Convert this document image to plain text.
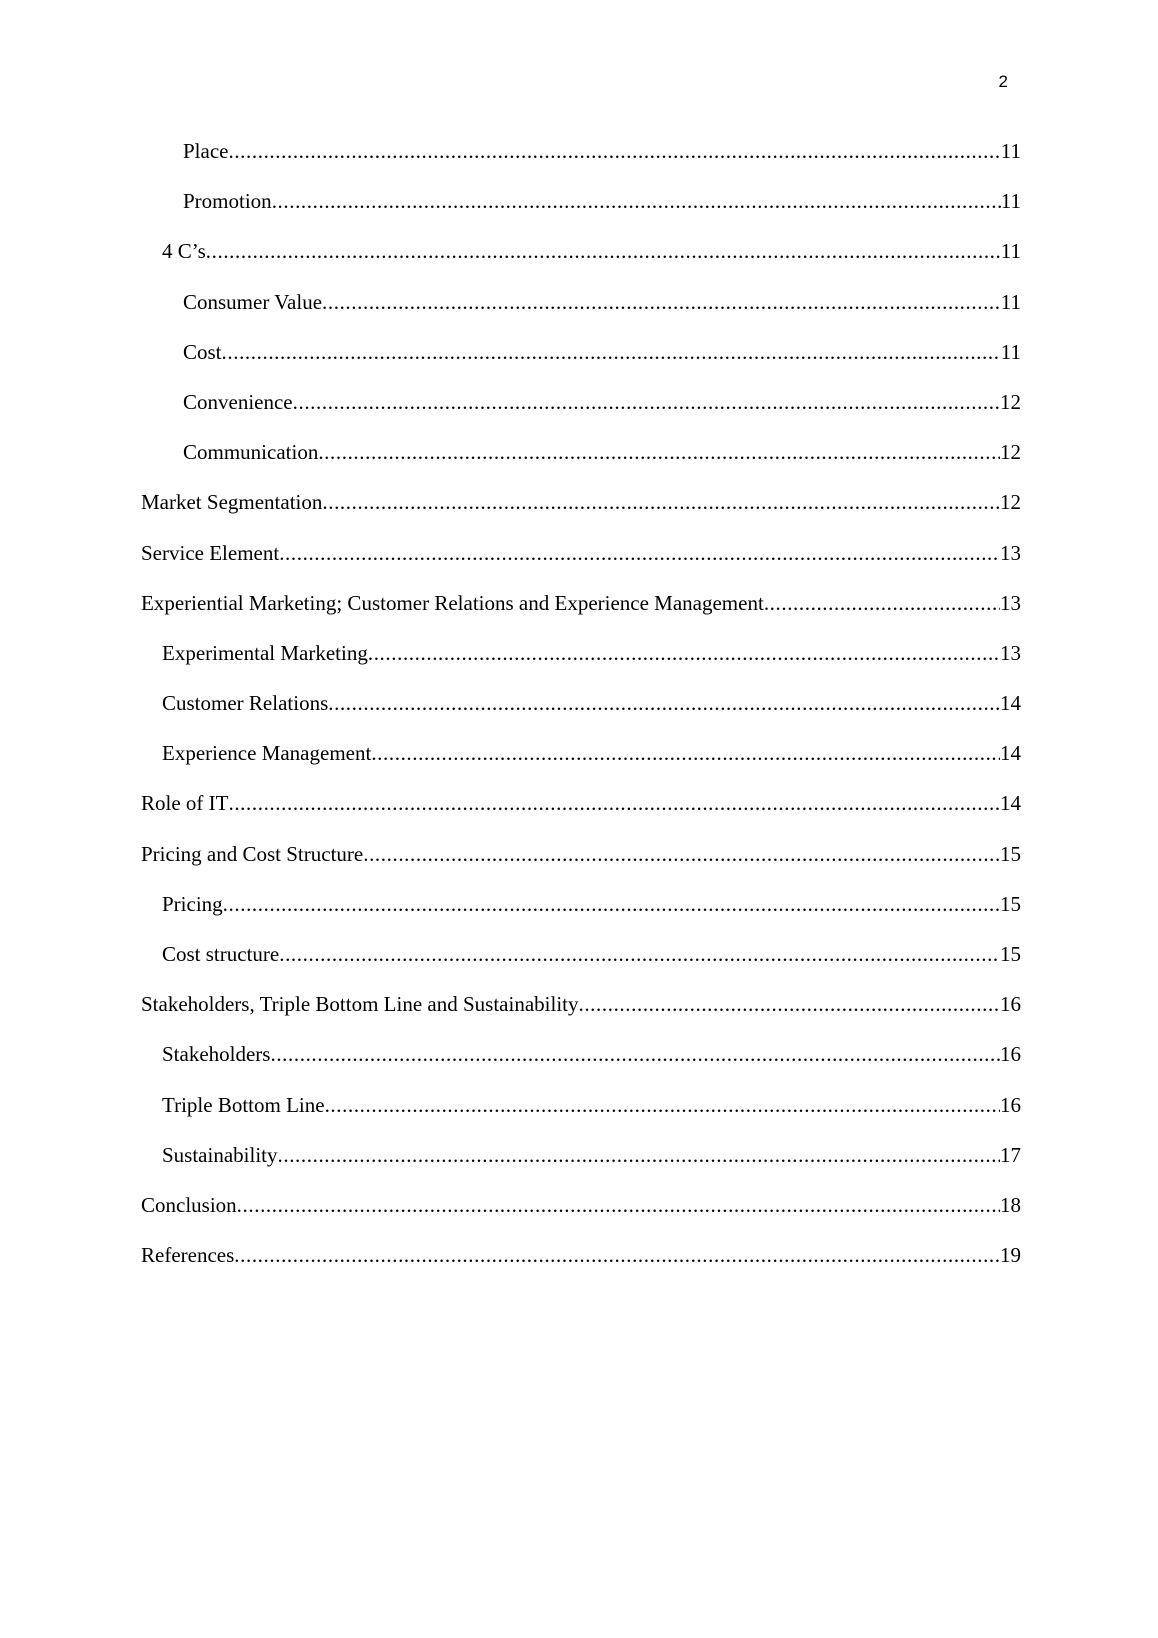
2
Place .....	11
Promotion .....	11
4 C’s .....	11
Consumer Value .....	11
Cost .....	11
Convenience .....	12
Communication .....	12
Market Segmentation .....	12
Service Element .....	13
Experiential Marketing; Customer Relations and Experience Management .....	13
Experimental Marketing .....	13
Customer Relations .....	14
Experience Management .....	14
Role of IT .....	14
Pricing and Cost Structure .....	15
Pricing .....	15
Cost structure .....	15
Stakeholders, Triple Bottom Line and Sustainability .....	16
Stakeholders .....	16
Triple Bottom Line .....	16
Sustainability .....	17
Conclusion .....	18
References .....	19
